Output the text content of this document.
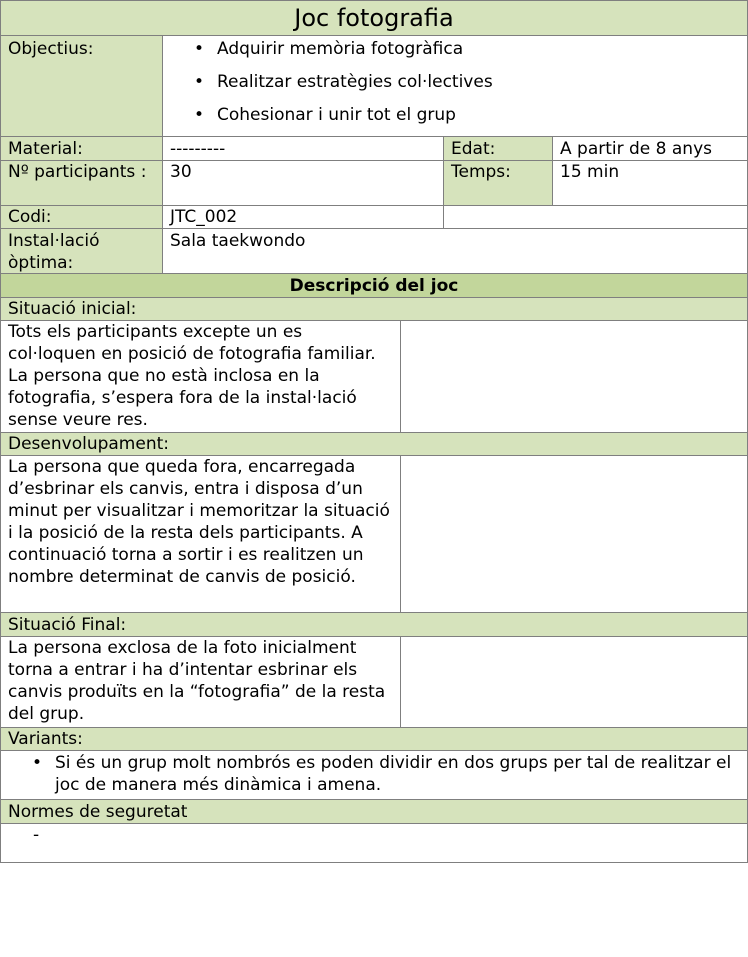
Joc fotografia
Objectius:
•	Adquirir memòria fotogràfica
• Realitzar estratègies col·lectives
• Cohesionar i unir tot el grup
Material:	---------	Edat:	A partir de 8 anys
Nº participants :	30	Temps:	15 min
Codi:	JTC_002
Instal·lació òptima:
Sala taekwondo
Descripció del joc
Situació inicial:
Tots els participants excepte un es col·loquen en posició de fotografia familiar. La persona que no està inclosa en la fotografia, s’espera fora de la instal·lació sense veure res.
Desenvolupament:
La persona que queda fora, encarregada d’esbrinar els canvis, entra i disposa d’un minut per visualitzar i memoritzar la situació i la posició de la resta dels participants. A continuació torna a sortir i es realitzen un nombre determinat de canvis de posició.
Situació Final:
La persona exclosa de la foto inicialment torna a entrar i ha d’intentar esbrinar els canvis produïts en la “fotografia” de la resta del grup.
Variants:
• Si és un grup molt nombrós es poden dividir en dos grups per tal de realitzar el joc de manera més dinàmica i amena.
Normes de seguretat
-
